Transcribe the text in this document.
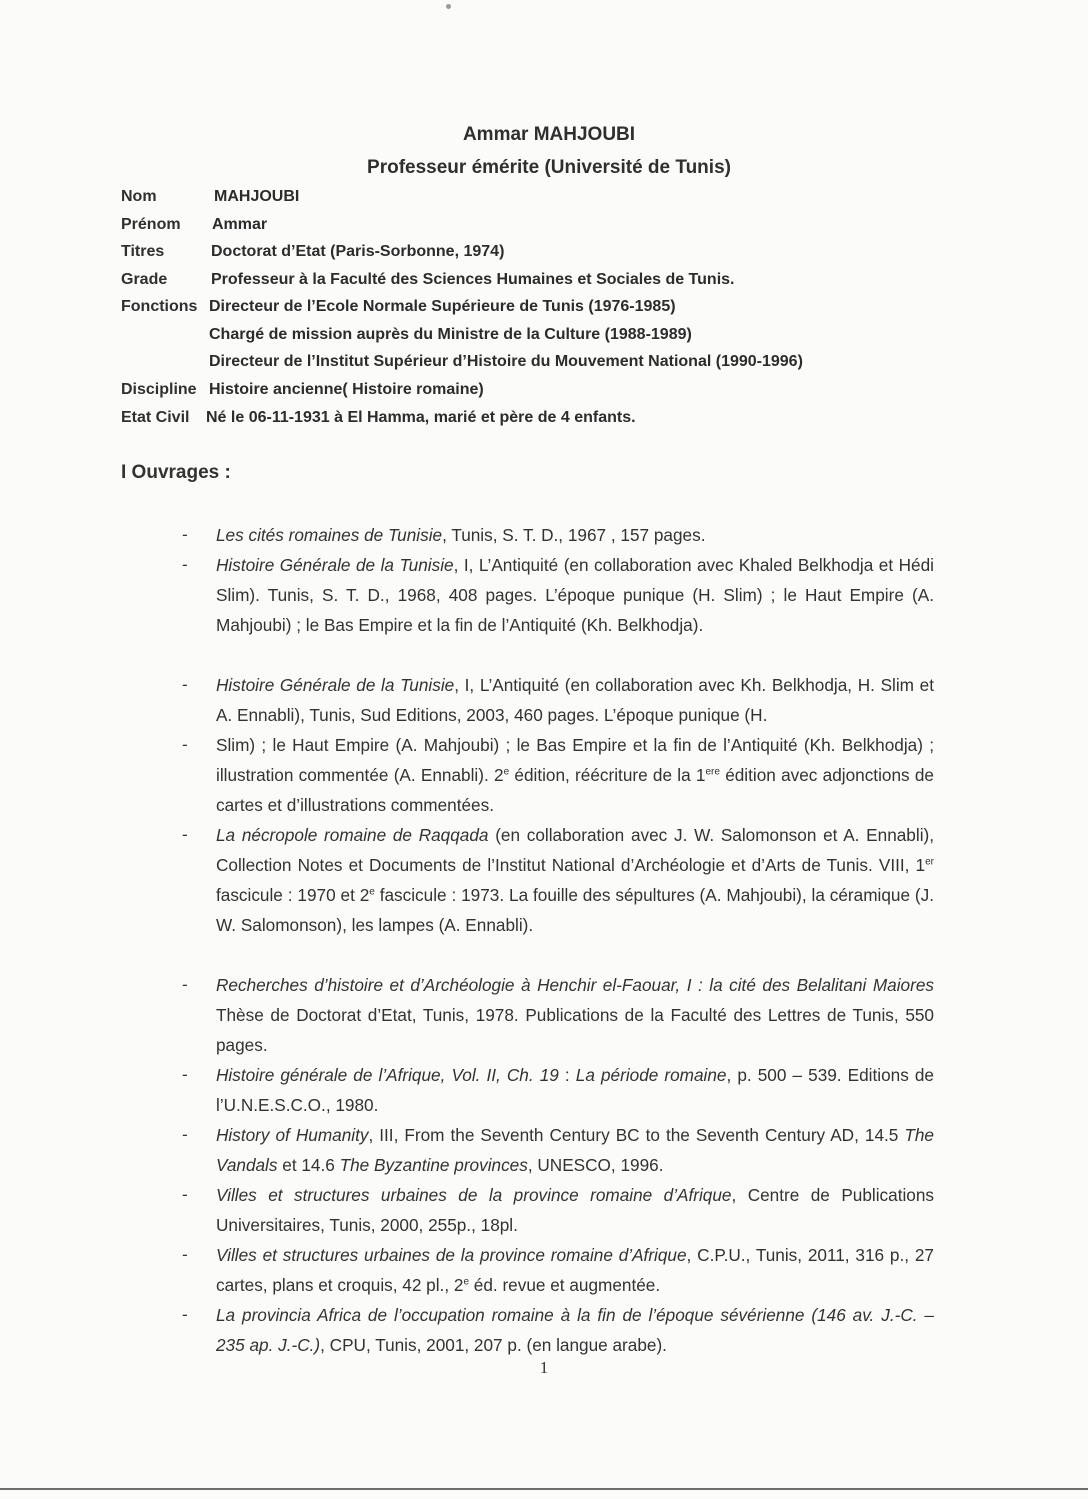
Ammar MAHJOUBI
Professeur émérite (Université de Tunis)
Nom	MAHJOUBI
Prénom Ammar
Titres	Doctorat d’Etat (Paris-Sorbonne, 1974)
Grade	Professeur à la Faculté des Sciences Humaines et Sociales de Tunis.
Fonctions Directeur de l’Ecole Normale Supérieure de Tunis (1976-1985)
Chargé de mission auprès du Ministre de la Culture (1988-1989)
Directeur de l’Institut Supérieur d’Histoire du Mouvement National (1990-1996)
Discipline Histoire ancienne( Histoire romaine)
Etat Civil Né le 06-11-1931 à El Hamma, marié et père de 4 enfants.
I Ouvrages :
-	Les cités romaines de Tunisie, Tunis, S. T. D., 1967 , 157 pages.
-	Histoire Générale de la Tunisie, I, L’Antiquité (en collaboration avec Khaled Belkhodja et Hédi Slim). Tunis, S. T. D., 1968, 408 pages. L’époque punique (H. Slim) ; le Haut Empire (A. Mahjoubi) ; le Bas Empire et la fin de l’Antiquité (Kh. Belkhodja).
-	Histoire Générale de la Tunisie, I, L’Antiquité (en collaboration avec Kh. Belkhodja, H. Slim et A. Ennabli), Tunis, Sud Editions, 2003, 460 pages. L’époque punique (H.
-	Slim) ; le Haut Empire (A. Mahjoubi) ; le Bas Empire et la fin de l’Antiquité (Kh. Belkhodja) ; illustration commentée (A. Ennabli). 2e édition, réécriture de la 1ere édition avec adjonctions de cartes et d’illustrations commentées.
-	La nécropole romaine de Raqqada (en collaboration avec J. W. Salomonson et A. Ennabli), Collection Notes et Documents de l’Institut National d’Archéologie et d’Arts de Tunis. VIII, 1er fascicule : 1970 et 2e fascicule : 1973. La fouille des sépultures (A. Mahjoubi), la céramique (J. W. Salomonson), les lampes (A. Ennabli).
-	Recherches d’histoire et d’Archéologie à Henchir el-Faouar, I : la cité des Belalitani Maiores Thèse de Doctorat d’Etat, Tunis, 1978. Publications de la Faculté des Lettres de Tunis, 550 pages.
-	Histoire générale de l’Afrique, Vol. II, Ch. 19 : La période romaine, p. 500 – 539. Editions de l’U.N.E.S.C.O., 1980.
-	History of Humanity, III, From the Seventh Century BC to the Seventh Century AD, 14.5 The Vandals et 14.6 The Byzantine provinces, UNESCO, 1996.
-	Villes et structures urbaines de la province romaine d’Afrique, Centre de Publications Universitaires, Tunis, 2000, 255p., 18pl.
-	Villes et structures urbaines de la province romaine d’Afrique, C.P.U., Tunis, 2011, 316 p., 27 cartes, plans et croquis, 42 pl., 2e éd. revue et augmentée.
-	La provincia Africa de l’occupation romaine à la fin de l’époque sévérienne (146 av. J.-C. – 235 ap. J.-C.), CPU, Tunis, 2001, 207 p. (en langue arabe).
1
